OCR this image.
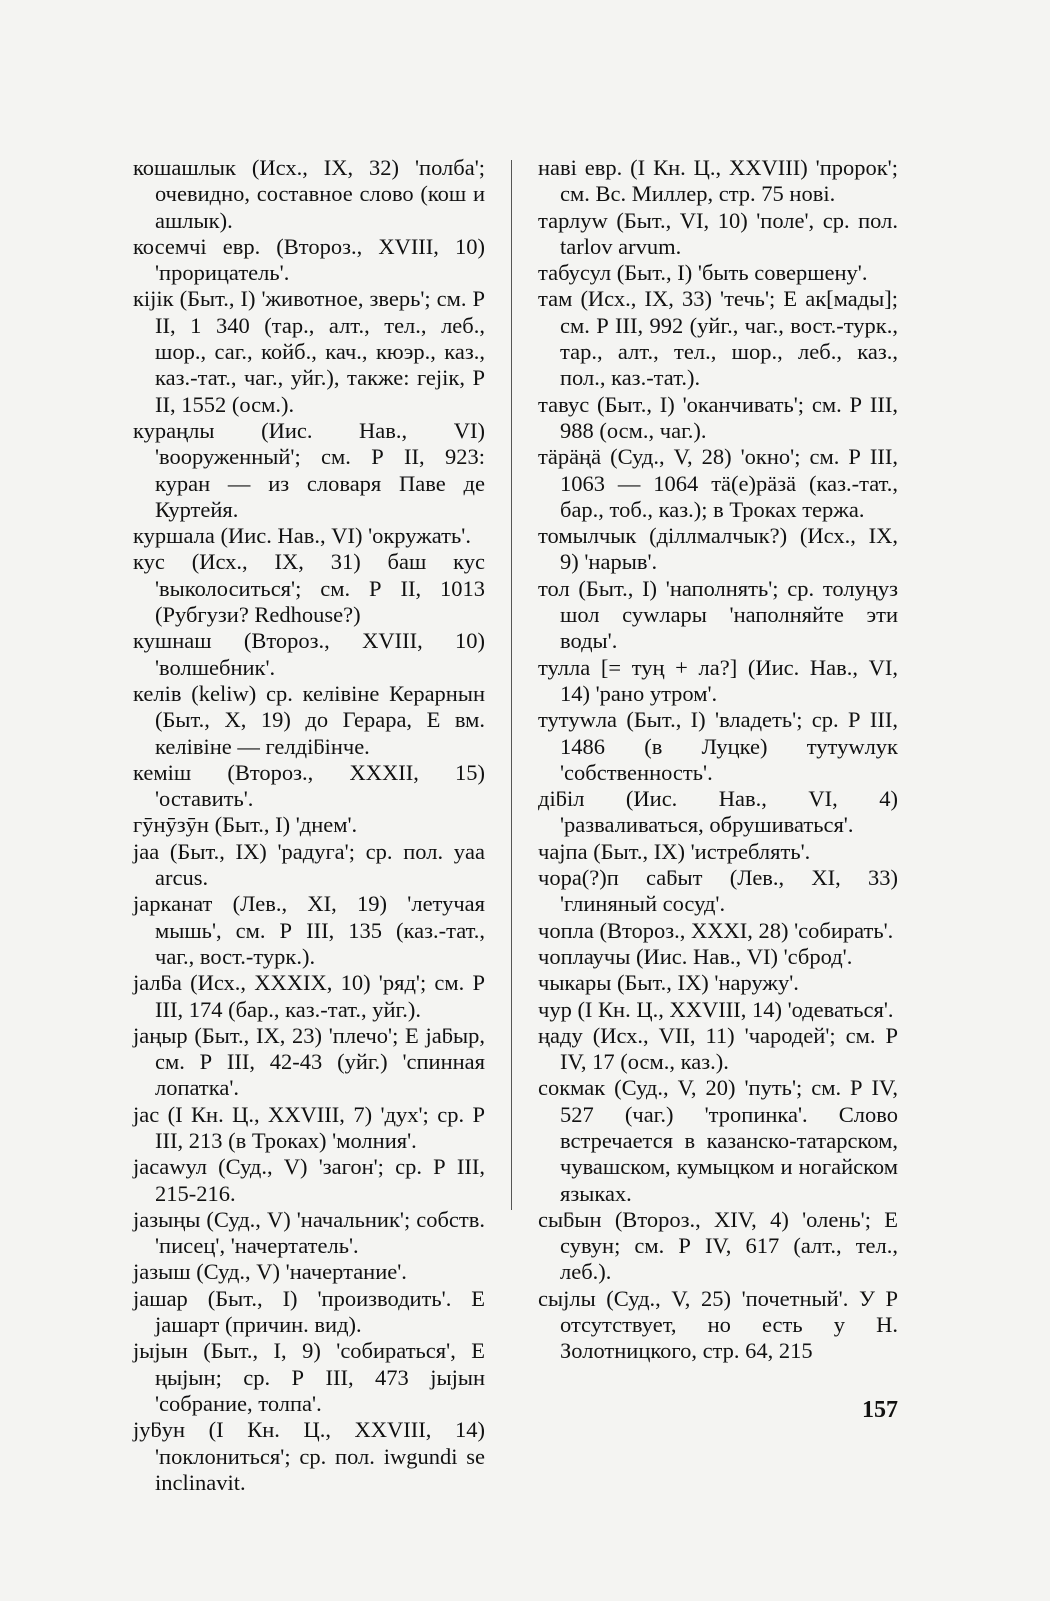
кошашлык (Исх., IX, 32) 'полба'; очевидно, составное слово (кош и ашлык).

косемчі евр. (Второз., XVIII, 10) 'прорицатель'.

кіjік (Быт., I) 'животное, зверь'; см. Р II, 1 340 (тар., алт., тел., леб., шор., саг., койб., кач., кюэр., каз., каз.-тат., чаг., уйг.), также: геjік, Р II, 1552 (осм.).

кураңлы (Иис. Нав., VI) 'вооруженный'; см. Р II, 923: куран — из словаря Паве де Куртейя.

куршала (Иис. Нав., VI) 'окружать'.

кус (Исх., IX, 31) баш кус 'выколоситься'; см. Р II, 1013 (Рубгузи? Redhouse?)

кушнаш (Второз., XVIII, 10) 'волшебник'.

келів (keliw) ср. келівіне Керарнын (Быт., X, 19) до Герара, Е вм. келівіне — гелдіƃінче.

кеміш (Второз., XXXII, 15) 'оставить'.

гӯнӯзӯн (Быт., I) 'днем'.

jaa (Быт., IX) 'радуга'; ср. пол. yaa arcus.

jарканат (Лев., XI, 19) 'летучая мышь', см. Р III, 135 (каз.-тат., чаг., вост.-турк.).

jалƃа (Исх., XXXIX, 10) 'ряд'; см. Р III, 174 (бар., каз.-тат., уйг.).

jаңыр (Быт., IX, 23) 'плечо'; Е jаƃыр, см. Р III, 42-43 (уйг.) 'спинная лопатка'.

jac (I Кн. Ц., XXVIII, 7) 'дух'; ср. Р III, 213 (в Троках) 'молния'.

jacawул (Суд., V) 'загон'; ср. Р III, 215-216.

jазыңы (Суд., V) 'начальник'; собств. 'писец', 'начертатель'.

jазыш (Суд., V) 'начертание'.

jашар (Быт., I) 'производить'. Е jашарт (причин. вид).

jыjын (Быт., I, 9) 'собираться', Е ңыjын; ср. Р III, 473 jыjын 'собрание, толпа'.

jуƃун (I Кн. Ц., XXVIII, 14) 'поклониться'; ср. пол. iwgundi se inclinavit.

наві евр. (I Кн. Ц., XXVIII) 'пророк'; см. Вс. Миллер, стр. 75 нові.

тарлуw (Быт., VI, 10) 'поле', ср. пол. tarlov arvum.

табусул (Быт., I) 'быть совершену'.

там (Исх., IX, 33) 'течь'; Е ак[мады]; см. Р III, 992 (уйг., чаг., вост.-турк., тар., алт., тел., шор., леб., каз., пол., каз.-тат.).

тавус (Быт., I) 'оканчивать'; см. Р III, 988 (осм., чаг.).

тäрäңä (Суд., V, 28) 'окно'; см. Р III, 1063 — 1064 тä(е)рäзä (каз.-тат., бар., тоб., каз.); в Троках тержа.

томылчык (діллмалчык?) (Исх., IX, 9) 'нарыв'.

тол (Быт., I) 'наполнять'; ср. толуңуз шол суwлары 'наполняйте эти воды'.

тулла [= туң + ла?] (Иис. Нав., VI, 14) 'рано утром'.

тутуwла (Быт., I) 'владеть'; ср. Р III, 1486 (в Луцке) тутуwлук 'собственность'.

діƃіл (Иис. Нав., VI, 4) 'разваливаться, обрушиваться'.

чаjпа (Быт., IX) 'истреблять'.

чора(?)п саƃыт (Лев., XI, 33) 'глиняный сосуд'.

чопла (Второз., XXXI, 28) 'собирать'.

чоплаучы (Иис. Нав., VI) 'сброд'.

чыкары (Быт., IX) 'наружу'.

чур (I Кн. Ц., XXVIII, 14) 'одеваться'.

ңаду (Исх., VII, 11) 'чародей'; см. Р IV, 17 (осм., каз.).

сокмак (Суд., V, 20) 'путь'; см. Р IV, 527 (чаг.) 'тропинка'. Слово встречается в казанско-татарском, чувашском, кумыцком и ногайском языках.

сыƃын (Второз., XIV, 4) 'олень'; Е сувун; см. Р IV, 617 (алт., тел., леб.).

сыjлы (Суд., V, 25) 'почетный'. У Р отсутствует, но есть у Н. Золотницкого, стр. 64, 215

157
